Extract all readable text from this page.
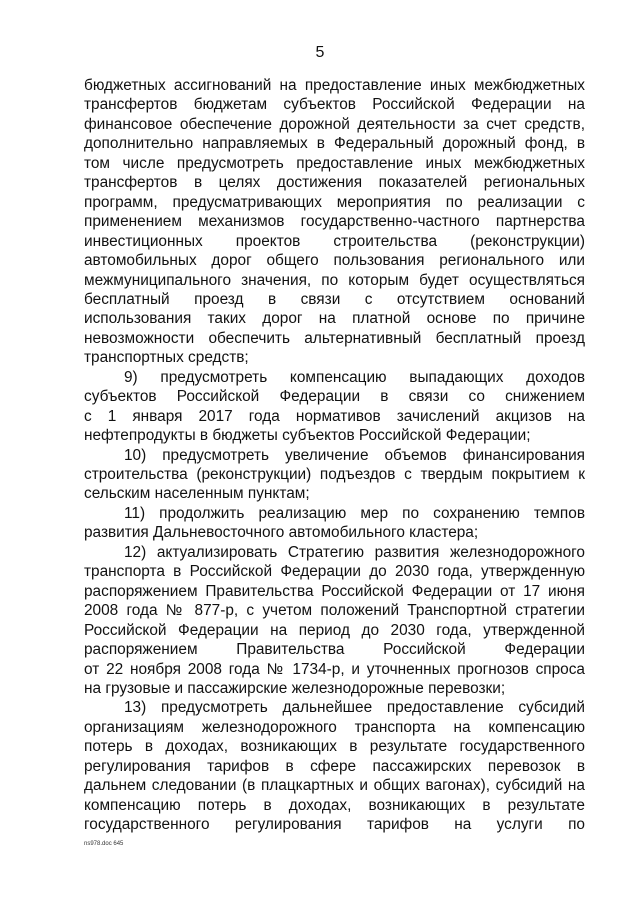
5
бюджетных ассигнований на предоставление иных межбюджетных
трансфертов бюджетам субъектов Российской Федерации на
финансовое обеспечение дорожной деятельности за счет средств,
дополнительно направляемых в Федеральный дорожный фонд, в
том числе предусмотреть предоставление иных межбюджетных
трансфертов в целях достижения показателей региональных
программ, предусматривающих мероприятия по реализации с
применением механизмов государственно-частного партнерства
инвестиционных проектов строительства (реконструкции)
автомобильных дорог общего пользования регионального или
межмуниципального значения, по которым будет осуществляться
бесплатный проезд в связи с отсутствием оснований
использования таких дорог на платной основе по причине
невозможности обеспечить альтернативный бесплатный проезд
транспортных средств;
9) предусмотреть компенсацию выпадающих доходов
субъектов Российской Федерации в связи со снижением
с 1 января 2017 года нормативов зачислений акцизов на
нефтепродукты в бюджеты субъектов Российской Федерации;
10) предусмотреть увеличение объемов финансирования
строительства (реконструкции) подъездов с твердым покрытием к
сельским населенным пунктам;
11) продолжить реализацию мер по сохранению темпов
развития Дальневосточного автомобильного кластера;
12) актуализировать Стратегию развития железнодорожного
транспорта в Российской Федерации до 2030 года, утвержденную
распоряжением Правительства Российской Федерации от 17 июня
2008 года № 877-р, с учетом положений Транспортной стратегии
Российской Федерации на период до 2030 года, утвержденной
распоряжением Правительства Российской Федерации
от 22 ноября 2008 года № 1734-р, и уточненных прогнозов спроса
на грузовые и пассажирские железнодорожные перевозки;
13) предусмотреть дальнейшее предоставление субсидий
организациям железнодорожного транспорта на компенсацию
потерь в доходах, возникающих в результате государственного
регулирования тарифов в сфере пассажирских перевозок в
дальнем следовании (в плацкартных и общих вагонах), субсидий на
компенсацию потерь в доходах, возникающих в результате
государственного регулирования тарифов на услуги по
ns978.doc 645
